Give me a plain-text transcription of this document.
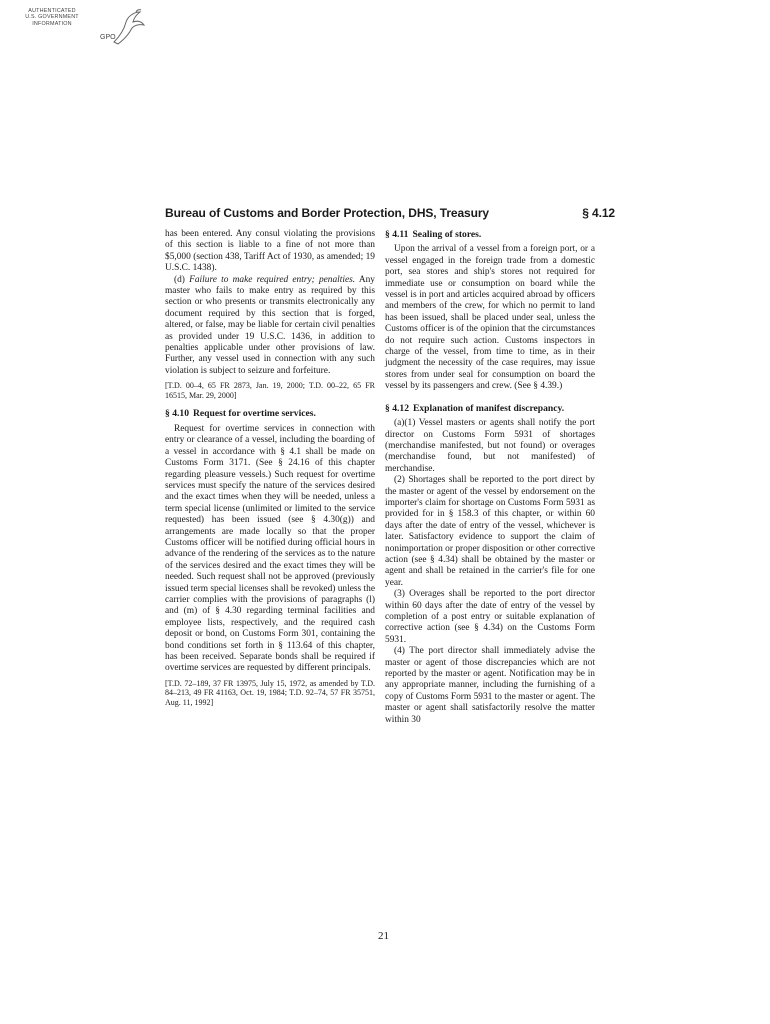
AUTHENTICATED
U.S. GOVERNMENT
INFORMATION
GPO
Bureau of Customs and Border Protection, DHS, Treasury	§ 4.12

has been entered. Any consul violating the provisions of this section is liable to a fine of not more than $5,000 (section 438, Tariff Act of 1930, as amended; 19 U.S.C. 1438).

(d) Failure to make required entry; penalties. Any master who fails to make entry as required by this section or who presents or transmits electronically any document required by this section that is forged, altered, or false, may be liable for certain civil penalties as provided under 19 U.S.C. 1436, in addition to penalties applicable under other provisions of law. Further, any vessel used in connection with any such violation is subject to seizure and forfeiture.

[T.D. 00–4, 65 FR 2873, Jan. 19, 2000; T.D. 00–22, 65 FR 16515, Mar. 29, 2000]

§ 4.10 Request for overtime services.

Request for overtime services in connection with entry or clearance of a vessel, including the boarding of a vessel in accordance with § 4.1 shall be made on Customs Form 3171. (See § 24.16 of this chapter regarding pleasure vessels.) Such request for overtime services must specify the nature of the services desired and the exact times when they will be needed, unless a term special license (unlimited or limited to the service requested) has been issued (see § 4.30(g)) and arrangements are made locally so that the proper Customs officer will be notified during official hours in advance of the rendering of the services as to the nature of the services desired and the exact times they will be needed. Such request shall not be approved (previously issued term special licenses shall be revoked) unless the carrier complies with the provisions of paragraphs (l) and (m) of § 4.30 regarding terminal facilities and employee lists, respectively, and the required cash deposit or bond, on Customs Form 301, containing the bond conditions set forth in § 113.64 of this chapter, has been received. Separate bonds shall be required if overtime services are requested by different principals.

[T.D. 72–189, 37 FR 13975, July 15, 1972, as amended by T.D. 84–213, 49 FR 41163, Oct. 19, 1984; T.D. 92–74, 57 FR 35751, Aug. 11, 1992]

§ 4.11 Sealing of stores.

Upon the arrival of a vessel from a foreign port, or a vessel engaged in the foreign trade from a domestic port, sea stores and ship's stores not required for immediate use or consumption on board while the vessel is in port and articles acquired abroad by officers and members of the crew, for which no permit to land has been issued, shall be placed under seal, unless the Customs officer is of the opinion that the circumstances do not require such action. Customs inspectors in charge of the vessel, from time to time, as in their judgment the necessity of the case requires, may issue stores from under seal for consumption on board the vessel by its passengers and crew. (See § 4.39.)

§ 4.12 Explanation of manifest discrepancy.

(a)(1) Vessel masters or agents shall notify the port director on Customs Form 5931 of shortages (merchandise manifested, but not found) or overages (merchandise found, but not manifested) of merchandise.

(2) Shortages shall be reported to the port direct by the master or agent of the vessel by endorsement on the importer's claim for shortage on Customs Form 5931 as provided for in § 158.3 of this chapter, or within 60 days after the date of entry of the vessel, whichever is later. Satisfactory evidence to support the claim of nonimportation or proper disposition or other corrective action (see § 4.34) shall be obtained by the master or agent and shall be retained in the carrier's file for one year.

(3) Overages shall be reported to the port director within 60 days after the date of entry of the vessel by completion of a post entry or suitable explanation of corrective action (see § 4.34) on the Customs Form 5931.

(4) The port director shall immediately advise the master or agent of those discrepancies which are not reported by the master or agent. Notification may be in any appropriate manner, including the furnishing of a copy of Customs Form 5931 to the master or agent. The master or agent shall satisfactorily resolve the matter within 30

21
